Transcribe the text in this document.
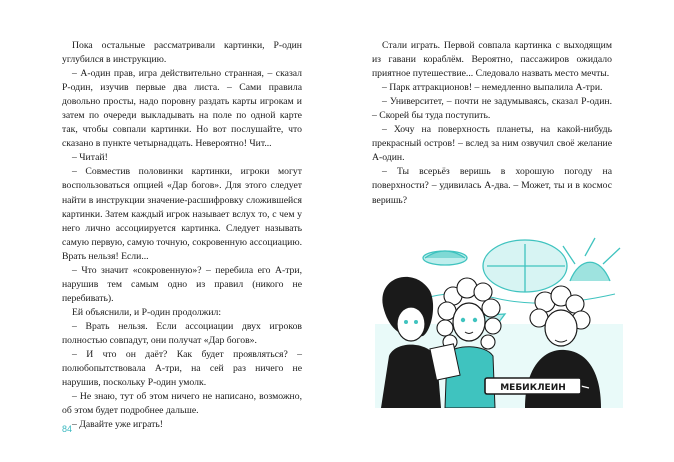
Пока остальные рассматривали картинки, Р-один углубился в инструкцию.

– А-один прав, игра действительно странная, – сказал Р-один, изучив первые два листа. – Сами правила довольно просты, надо поровну раздать карты игрокам и затем по очереди выкладывать на поле по одной карте так, чтобы совпали картинки. Но вот послушайте, что сказано в пункте четырнадцать. Невероятно! Чит...

– Читай!

– Совместив половинки картинки, игроки могут воспользоваться опцией «Дар богов». Для этого следует найти в инструкции значение-расшифровку сложившейся картинки. Затем каждый игрок называет вслух то, с чем у него лично ассоциируется картинка. Следует называть самую первую, самую точную, сокровенную ассоциацию. Врать нельзя! Если...

– Что значит «сокровенную»? – перебила его А-три, нарушив тем самым одно из правил (никого не перебивать).

Ей объяснили, и Р-один продолжил:

– Врать нельзя. Если ассоциации двух игроков полностью совпадут, они получат «Дар богов».

– И что он даёт? Как будет проявляться? – полюбопытствовала А-три, на сей раз ничего не нарушив, поскольку Р-один умолк.

– Не знаю, тут об этом ничего не написано, возможно, об этом будет подробнее дальше.

– Давайте уже играть!

84

Стали играть. Первой совпала картинка с выходящим из гавани кораблём. Вероятно, пассажиров ожидало приятное путешествие... Следовало назвать место мечты.

– Парк аттракционов! – немедленно выпалила А-три.

– Университет, – почти не задумываясь, сказал Р-один. – Скорей бы туда поступить.

– Хочу на поверхность планеты, на какой-нибудь прекрасный остров! – вслед за ним озвучил своё желание А-один.

– Ты всерьёз веришь в хорошую погоду на поверхности? – удивилась А-два. – Может, ты и в космос веришь?

МЕБИКЛЕИН
